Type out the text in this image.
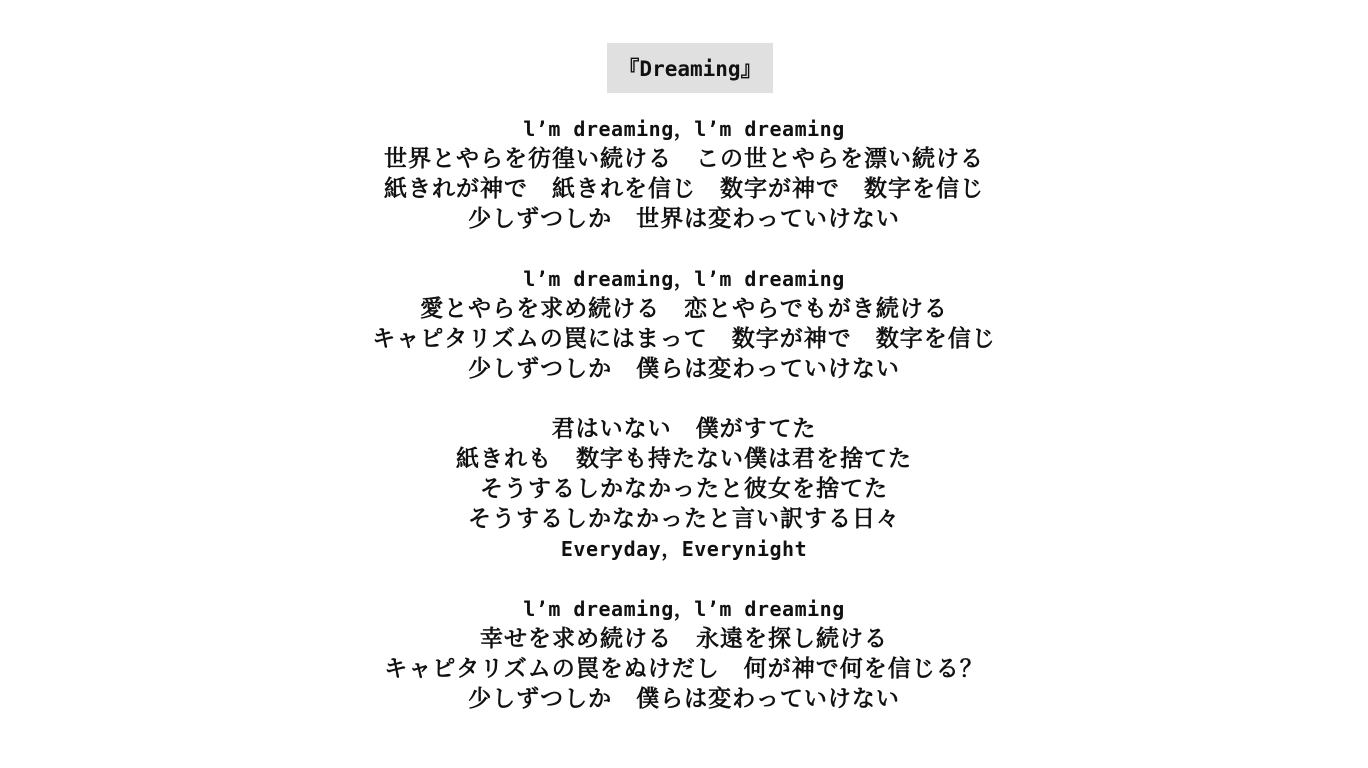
『Dreaming』
l’m dreaming，l’m dreaming
世界とやらを彷徨い続ける　この世とやらを漂い続ける
紙きれが神で　紙きれを信じ　数字が神で　数字を信じ
少しずつしか　世界は変わっていけない
l’m dreaming，l’m dreaming
愛とやらを求め続ける　恋とやらでもがき続ける
キャピタリズムの罠にはまって　数字が神で　数字を信じ
少しずつしか　僕らは変わっていけない
君はいない　僕がすてた
紙きれも　数字も持たない僕は君を捨てた
そうするしかなかったと彼女を捨てた
そうするしかなかったと言い訳する日々
Everyday，Everynight
l’m dreaming，l’m dreaming
幸せを求め続ける　永遠を探し続ける
キャピタリズムの罠をぬけだし　何が神で何を信じる？
少しずつしか　僕らは変わっていけない
